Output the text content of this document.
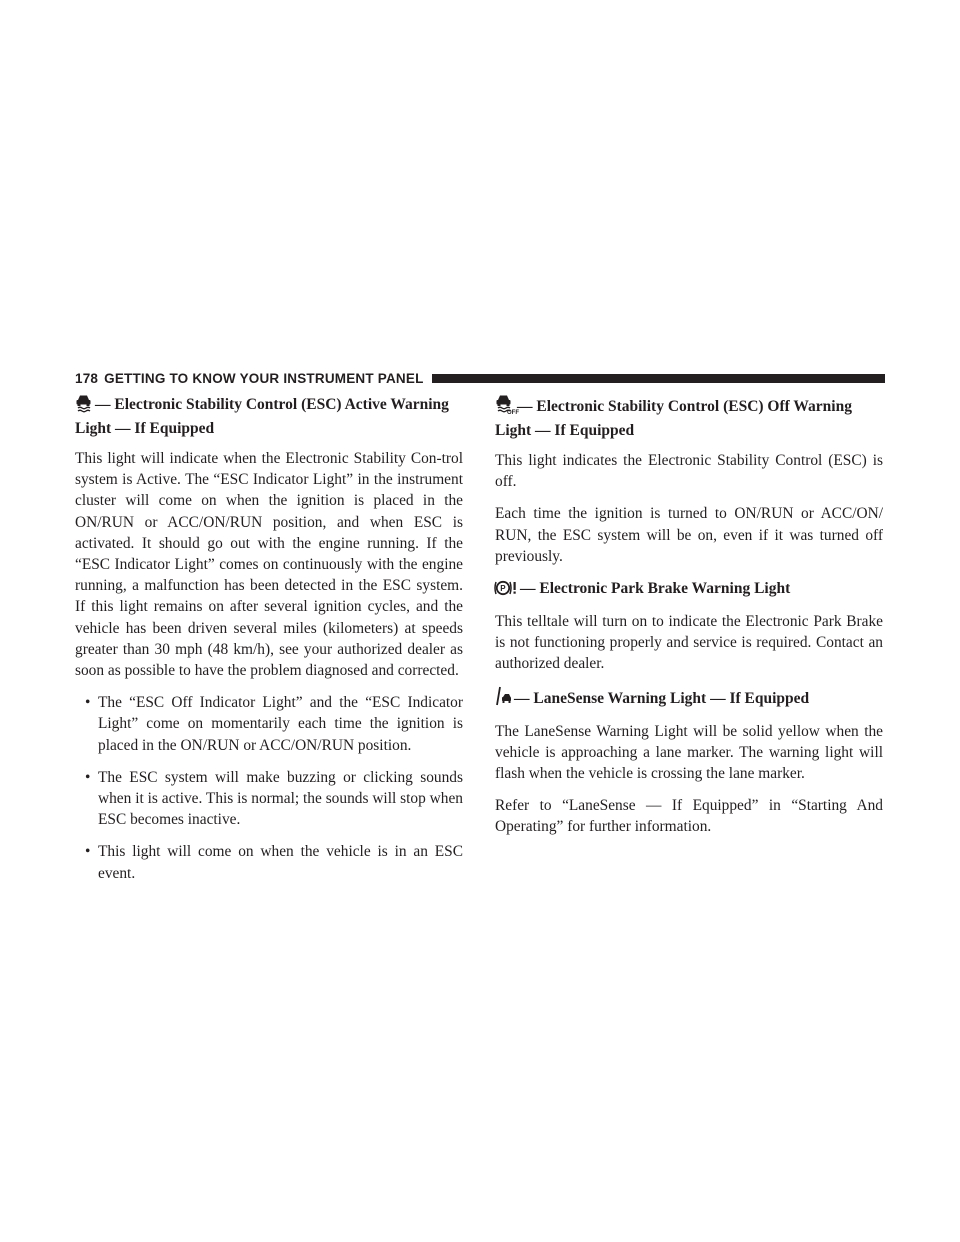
178 GETTING TO KNOW YOUR INSTRUMENT PANEL
— Electronic Stability Control (ESC) Active Warning Light — If Equipped

This light will indicate when the Electronic Stability Con-trol system is Active. The “ESC Indicator Light” in the instrument cluster will come on when the ignition is placed in the ON/RUN or ACC/ON/RUN position, and when ESC is activated. It should go out with the engine running. If the “ESC Indicator Light” comes on continuously with the engine running, a malfunction has been detected in the ESC system. If this light remains on after several ignition cycles, and the vehicle has been driven several miles (kilometers) at speeds greater than 30 mph (48 km/h), see your authorized dealer as soon as possible to have the problem diagnosed and corrected.

• The “ESC Off Indicator Light” and the “ESC Indicator Light” come on momentarily each time the ignition is placed in the ON/RUN or ACC/ON/RUN position.
• The ESC system will make buzzing or clicking sounds when it is active. This is normal; the sounds will stop when ESC becomes inactive.
• This light will come on when the vehicle is in an ESC event.
OFF
— Electronic Stability Control (ESC) Off Warning Light — If Equipped

This light indicates the Electronic Stability Control (ESC) is off.

Each time the ignition is turned to ON/RUN or ACC/ON/ RUN, the ESC system will be on, even if it was turned off previously.

P — Electronic Park Brake Warning Light

This telltale will turn on to indicate the Electronic Park Brake is not functioning properly and service is required. Contact an authorized dealer.

— LaneSense Warning Light — If Equipped

The LaneSense Warning Light will be solid yellow when the vehicle is approaching a lane marker. The warning light will flash when the vehicle is crossing the lane marker.

Refer to “LaneSense — If Equipped” in “Starting And Operating” for further information.
